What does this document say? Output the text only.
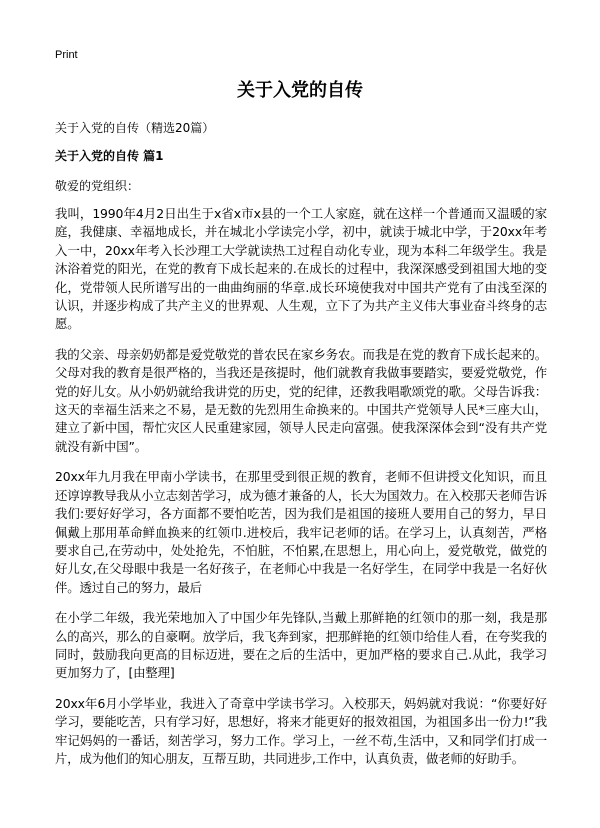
Print
关于入党的自传
关于入党的自传（精选20篇）
关于入党的自传 篇1
敬爱的党组织：

我叫，1990年4月2日出生于x省x市x县的一个工人家庭，就在这样一个普通而又温暖的家庭，我健康、幸福地成长，并在城北小学读完小学，初中，就读于城北中学，于20xx年考入一中，20xx年考入长沙理工大学就读热工过程自动化专业，现为本科二年级学生。我是沐浴着党的阳光，在党的教育下成长起来的.在成长的过程中，我深深感受到祖国大地的变化，党带领人民所谱写出的一曲曲绚丽的华章.成长环境使我对中国共产党有了由浅至深的认识，并逐步构成了共产主义的世界观、人生观，立下了为共产主义伟大事业奋斗终身的志愿。

我的父亲、母亲奶奶都是爱党敬党的普农民在家乡务农。而我是在党的教育下成长起来的。父母对我的教育是很严格的，当我还是孩提时，他们就教育我做事要踏实，要爱党敬党，作党的好儿女。从小奶奶就给我讲党的历史，党的纪律，还教我唱歌颂党的歌。父母告诉我：这天的幸福生活来之不易，是无数的先烈用生命换来的。中国共产党领导人民*三座大山，建立了新中国，帮忙灾区人民重建家园，领导人民走向富强。使我深深体会到“没有共产党就没有新中国”。

20xx年九月我在甲南小学读书，在那里受到很正规的教育，老师不但讲授文化知识，而且还谆谆教导我从小立志刻苦学习，成为德才兼备的人，长大为国效力。在入校那天老师告诉我们:要好好学习，各方面都不要怕吃苦，因为我们是祖国的接班人要用自己的努力，早日佩戴上那用革命鲜血换来的红领巾.进校后，我牢记老师的话。在学习上，认真刻苦，严格要求自己,在劳动中，处处抢先，不怕脏，不怕累,在思想上，用心向上，爱党敬党，做党的好儿女,在父母眼中我是一名好孩子，在老师心中我是一名好学生，在同学中我是一名好伙伴。透过自己的努力，最后

在小学二年级，我光荣地加入了中国少年先锋队,当戴上那鲜艳的红领巾的那一刻，我是那么的高兴，那么的自豪啊。放学后，我飞奔到家，把那鲜艳的红领巾给佳人看，在夸奖我的同时，鼓励我向更高的目标迈进，要在之后的生活中，更加严格的要求自己.从此，我学习更加努力了，[由整理]

20xx年6月小学毕业，我进入了奇章中学读书学习。入校那天，妈妈就对我说：“你要好好学习，要能吃苦，只有学习好，思想好，将来才能更好的报效祖国，为祖国多出一份力!”我牢记妈妈的一番话，刻苦学习，努力工作。学习上，一丝不苟,生活中，又和同学们打成一片，成为他们的知心朋友，互帮互助，共同进步,工作中，认真负责，做老师的好助手。
